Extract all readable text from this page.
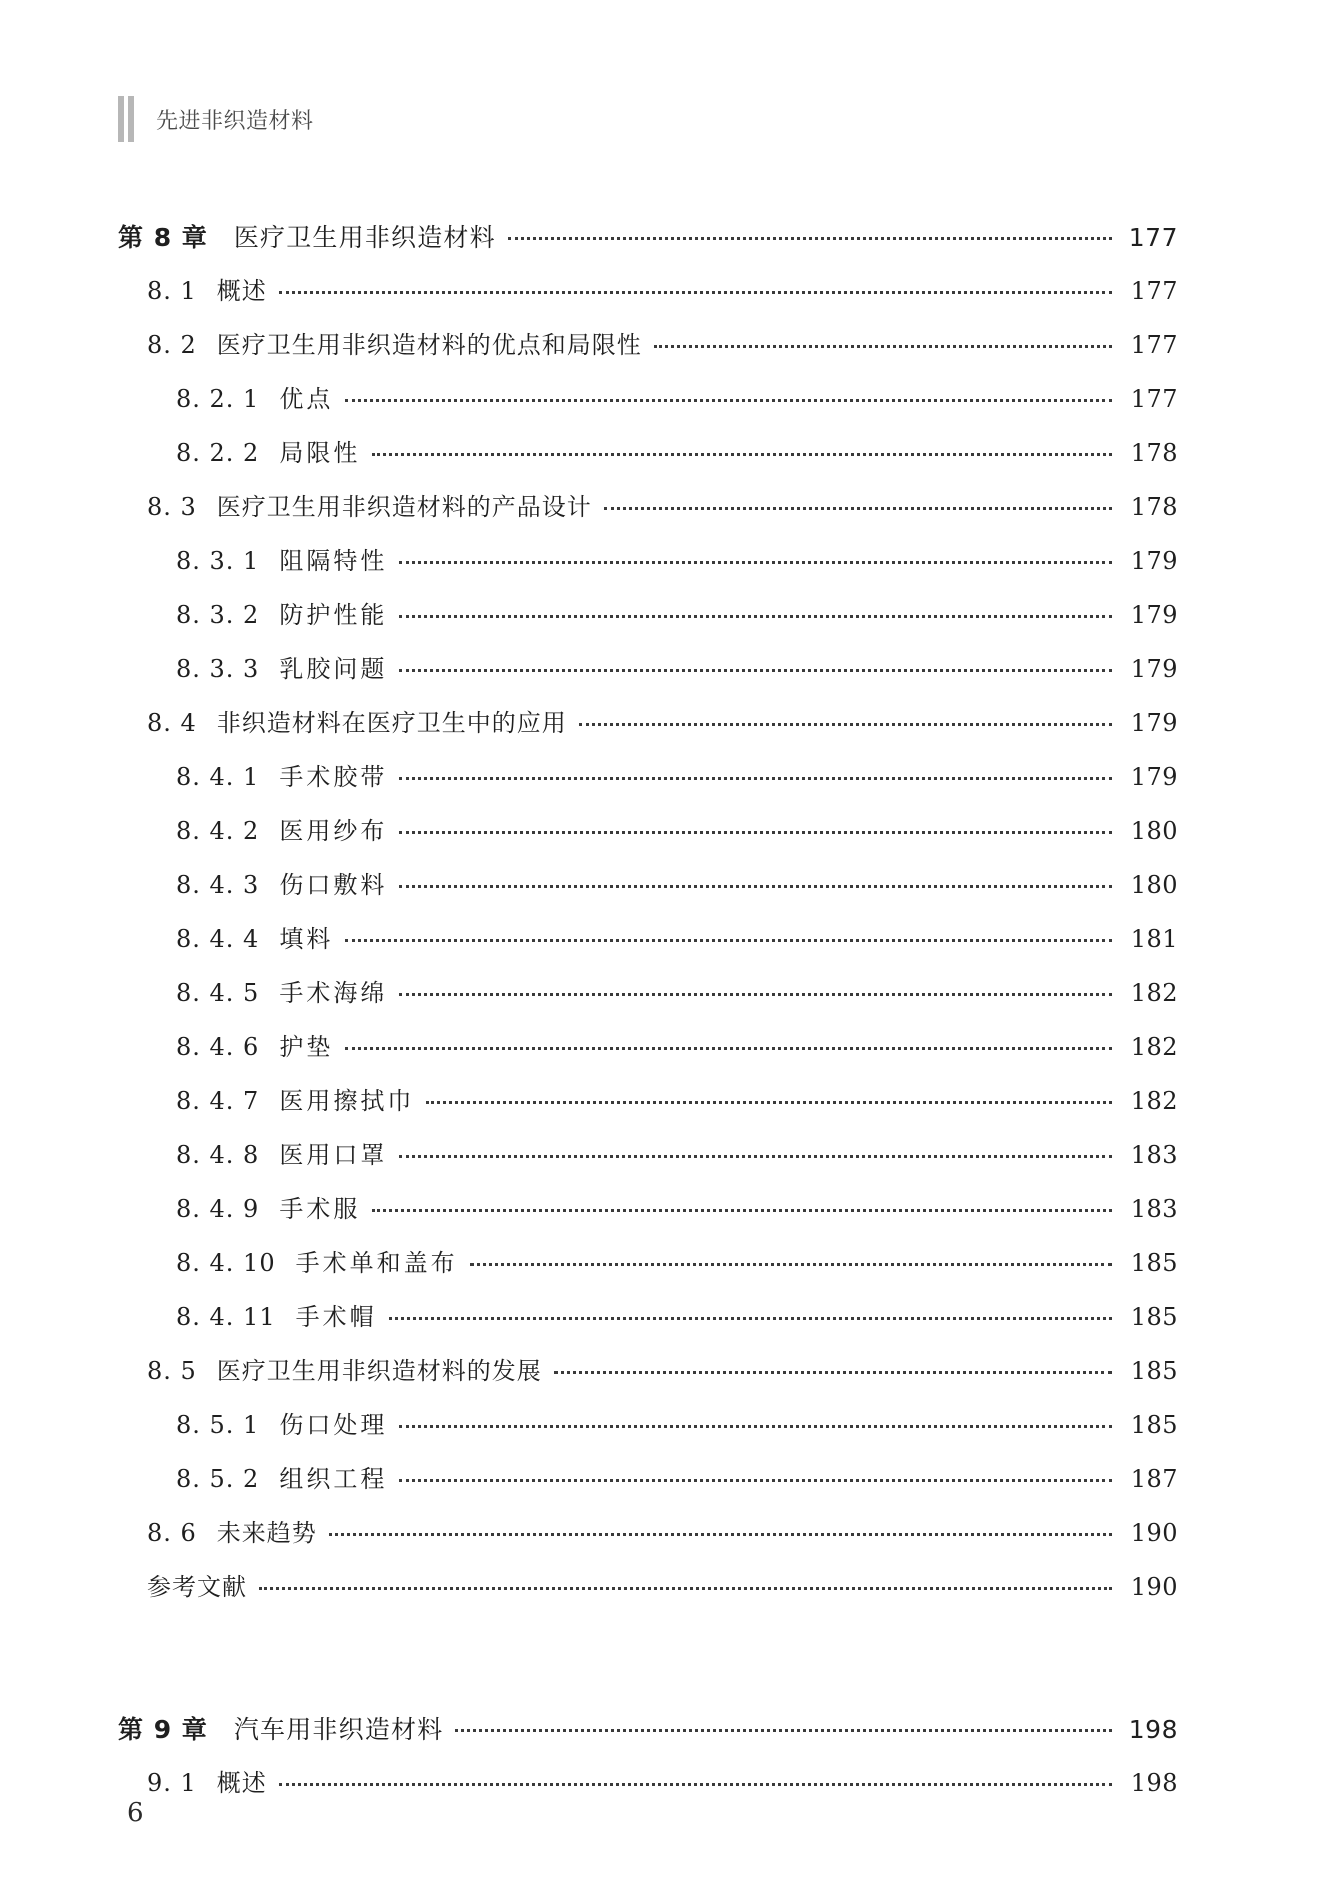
先进非织造材料
第 8 章 医疗卫生用非织造材料	177
8. 1 概述	177
8. 2 医疗卫生用非织造材料的优点和局限性	177
8. 2. 1 优点	177
8. 2. 2 局限性	178
8. 3 医疗卫生用非织造材料的产品设计	178
8. 3. 1 阻隔特性	179
8. 3. 2 防护性能	179
8. 3. 3 乳胶问题	179
8. 4 非织造材料在医疗卫生中的应用	179
8. 4. 1 手术胶带	179
8. 4. 2 医用纱布	180
8. 4. 3 伤口敷料	180
8. 4. 4 填料	181
8. 4. 5 手术海绵	182
8. 4. 6 护垫	182
8. 4. 7 医用擦拭巾	182
8. 4. 8 医用口罩	183
8. 4. 9 手术服	183
8. 4. 10 手术单和盖布	185
8. 4. 11 手术帽	185
8. 5 医疗卫生用非织造材料的发展	185
8. 5. 1 伤口处理	185
8. 5. 2 组织工程	187
8. 6 未来趋势	190
参考文献	190
第 9 章 汽车用非织造材料	198
9. 1 概述	198
6
